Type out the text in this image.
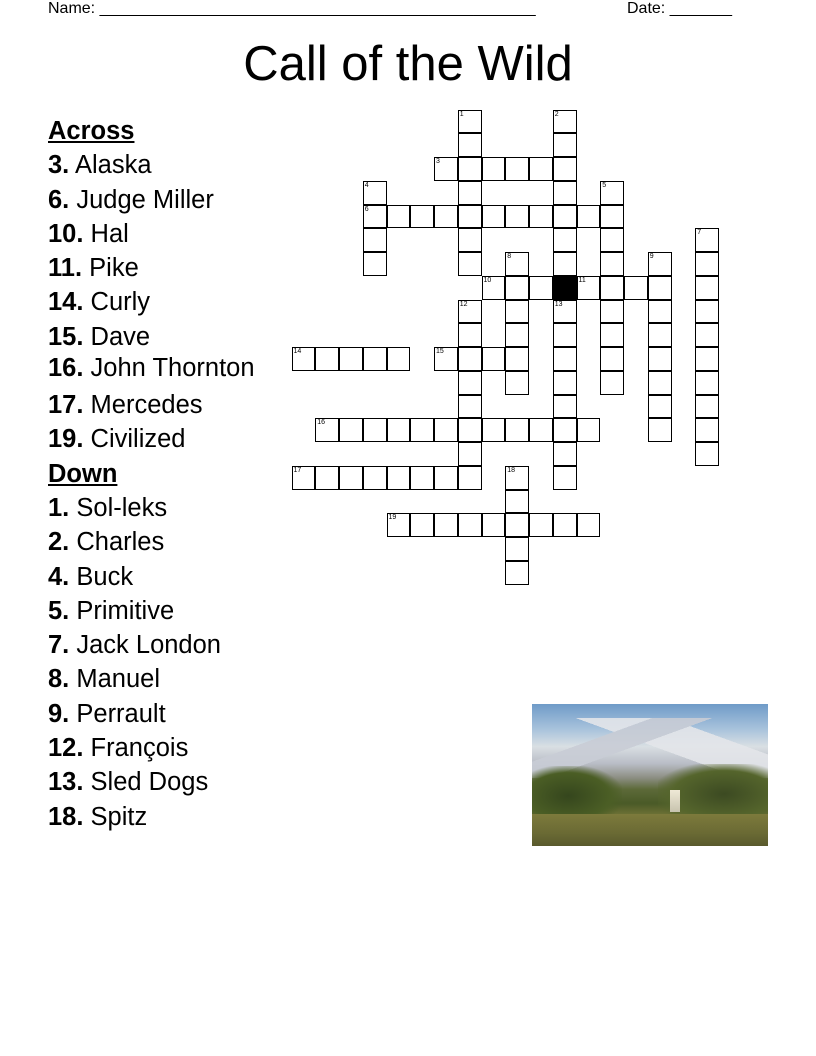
Name: _________________________________________________	Date: _______
Call of the Wild
Across
3. Alaska
6. Judge Miller
10. Hal
11. Pike
14. Curly
15. Dave
16. John Thornton
17. Mercedes
19. Civilized
Down
1. Sol-leks
2. Charles
4. Buck
5. Primitive
7. Jack London
8. Manuel
9. Perrault
12. François
13. Sled Dogs
18. Spitz
1	2
3
4
6
5
7
8	9
10	11
12	13
14	15
16
17	18
19
